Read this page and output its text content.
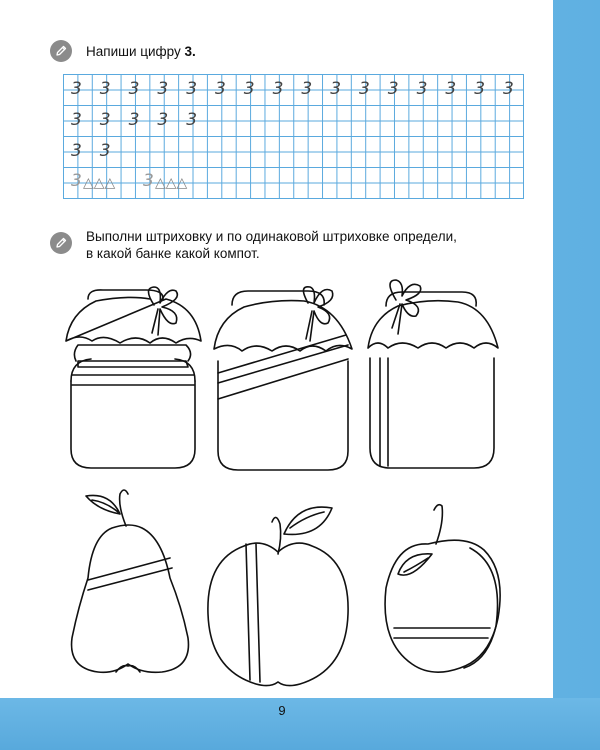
Напиши цифру 3.
3 3 3 3 3 3 3 3 3 3 3 3 3 3 3 3
3 3 3 3 3
3 3
3 △△△ 3 △△△
Выполни штриховку и по одинаковой штриховке определи,
в какой банке какой компот.
9
